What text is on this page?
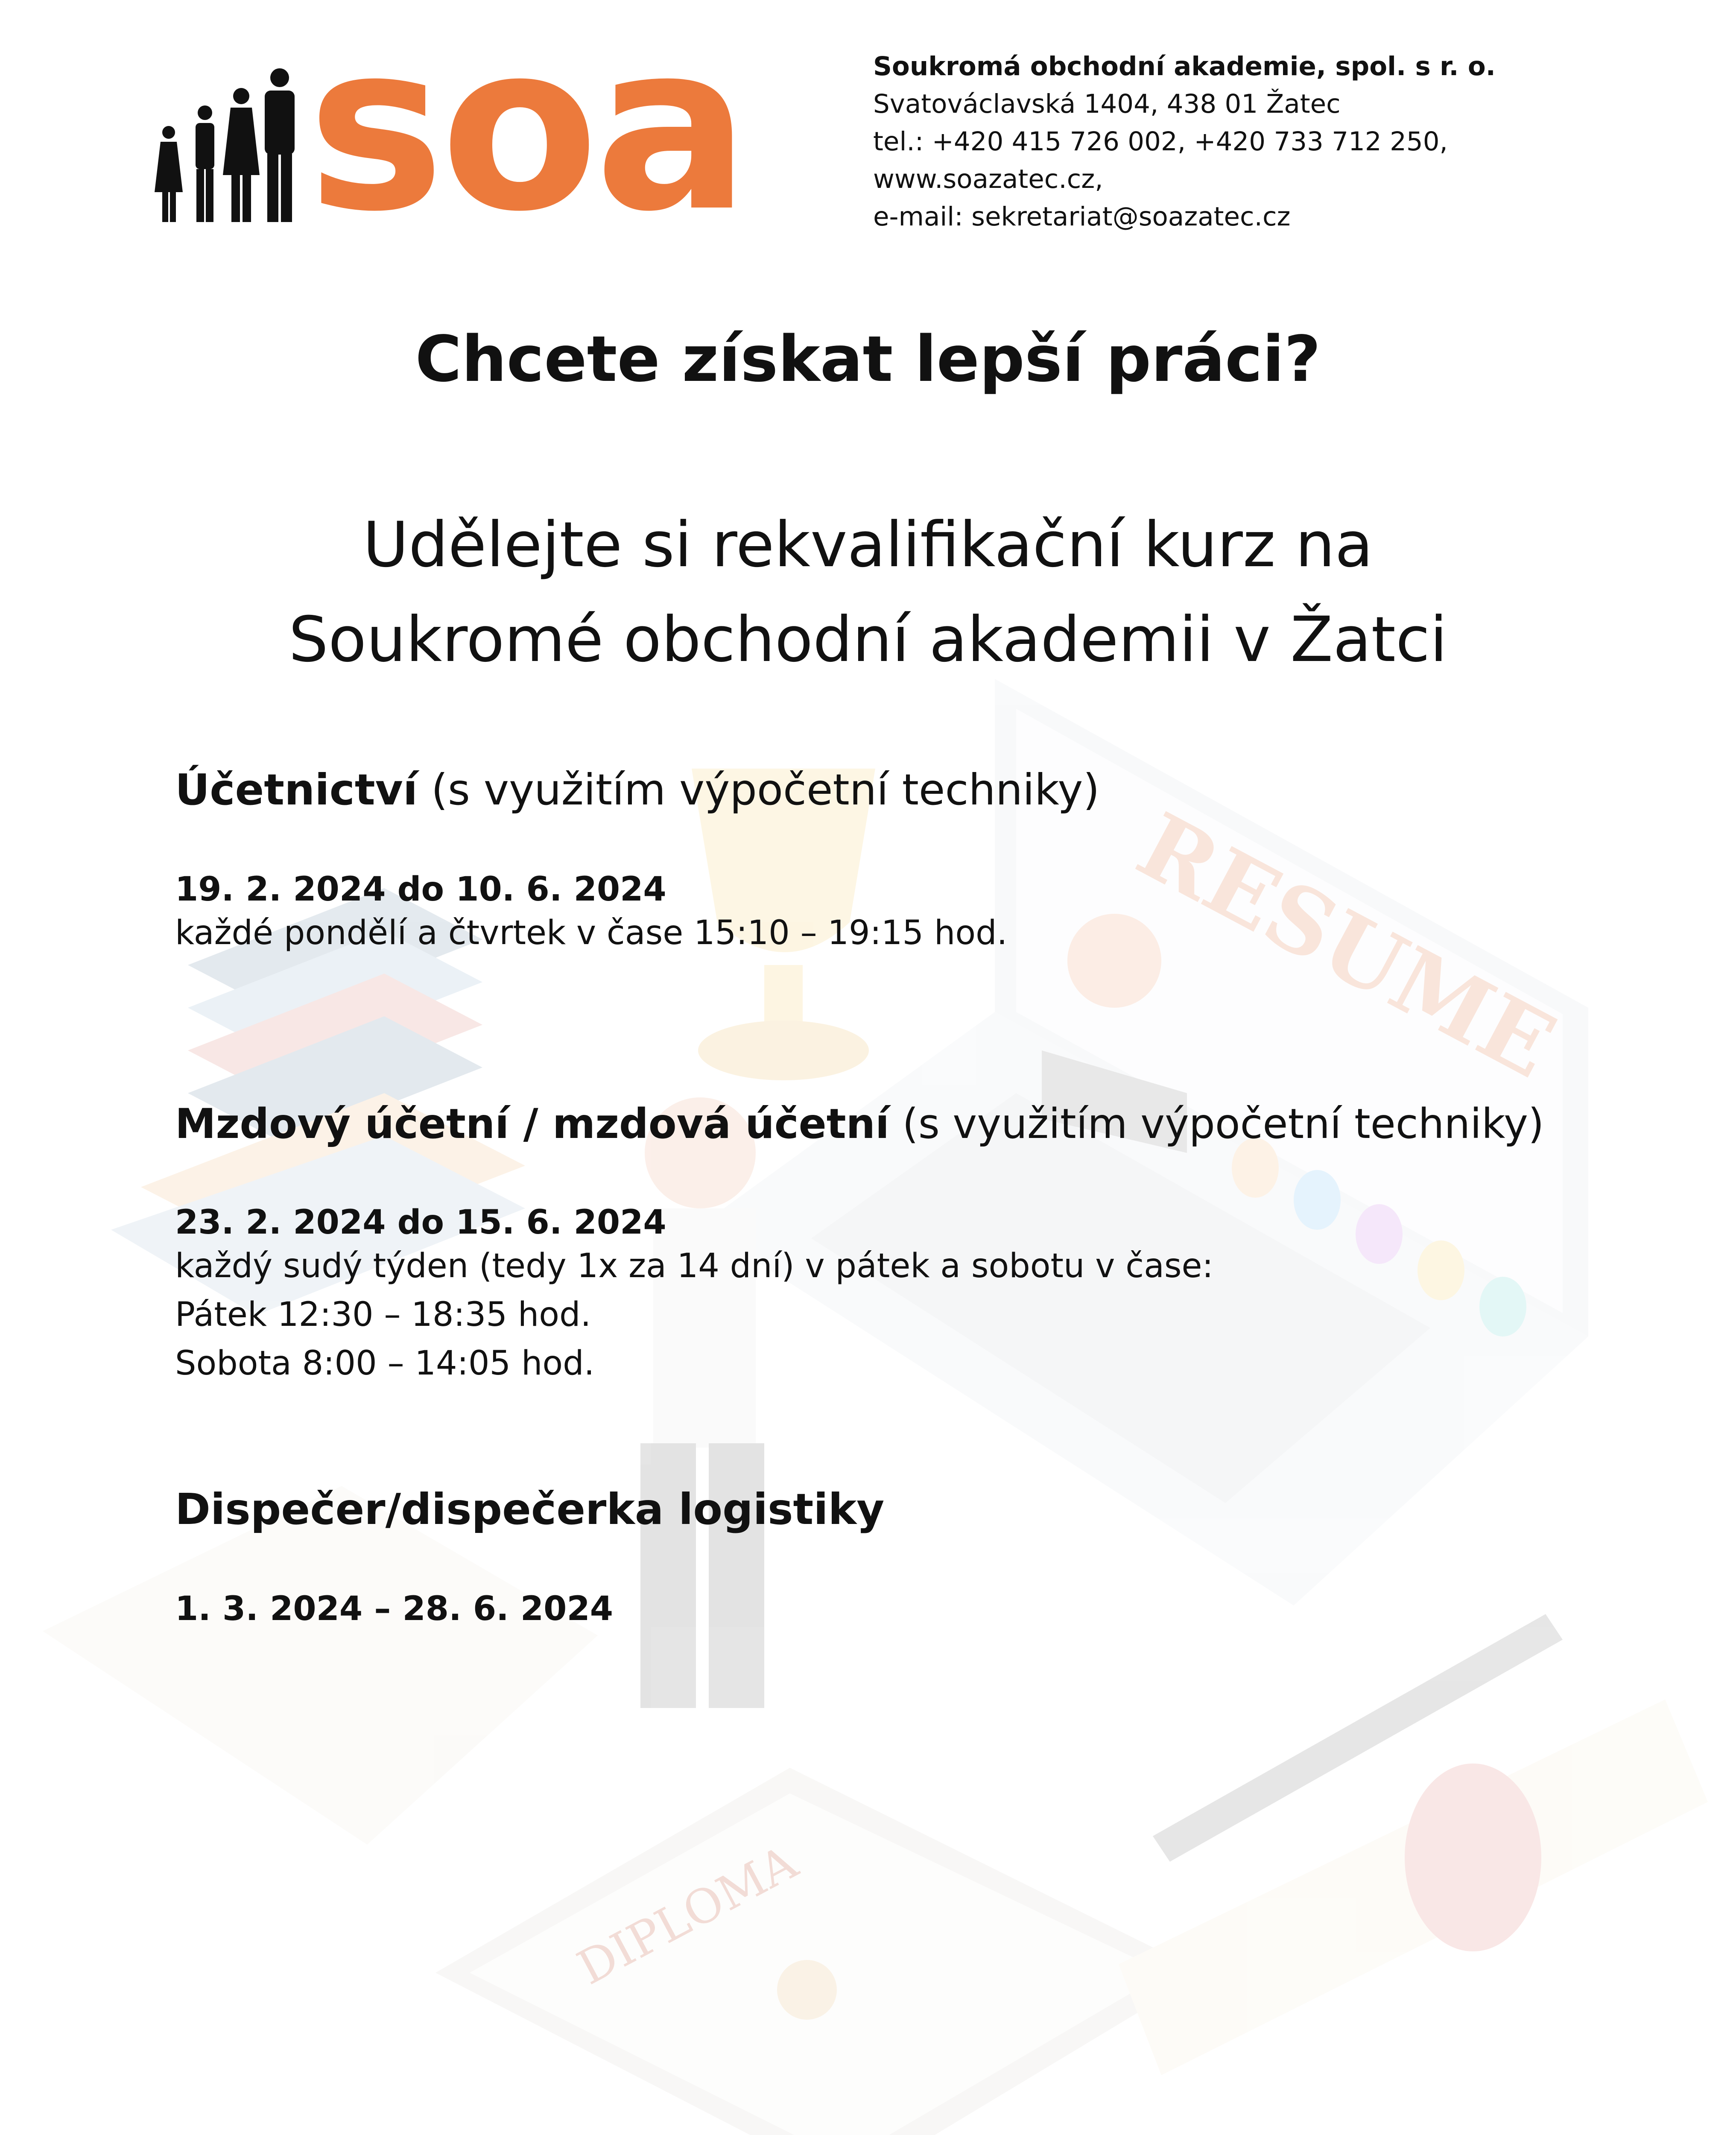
RESUME
DIPLOMA
soa	Soukromá obchodní akademie, spol. s r. o.
Svatováclavská 1404, 438 01 Žatec
tel.: +420 415 726 002, +420 733 712 250,
www.soazatec.cz,
e-mail: sekretariat@soazatec.cz
Chcete získat lepší práci?
Udělejte si rekvalifikační kurz na
Soukromé obchodní akademii v Žatci
Účetnictví (s využitím výpočetní techniky)
19. 2. 2024 do 10. 6. 2024
každé pondělí a čtvrtek v čase 15:10 – 19:15 hod.
Mzdový účetní / mzdová účetní (s využitím výpočetní techniky)
23. 2. 2024 do 15. 6. 2024
každý sudý týden (tedy 1x za 14 dní) v pátek a sobotu v čase:
Pátek 12:30 – 18:35 hod.
Sobota 8:00 – 14:05 hod.
Dispečer/dispečerka logistiky
1. 3. 2024 – 28. 6. 2024
